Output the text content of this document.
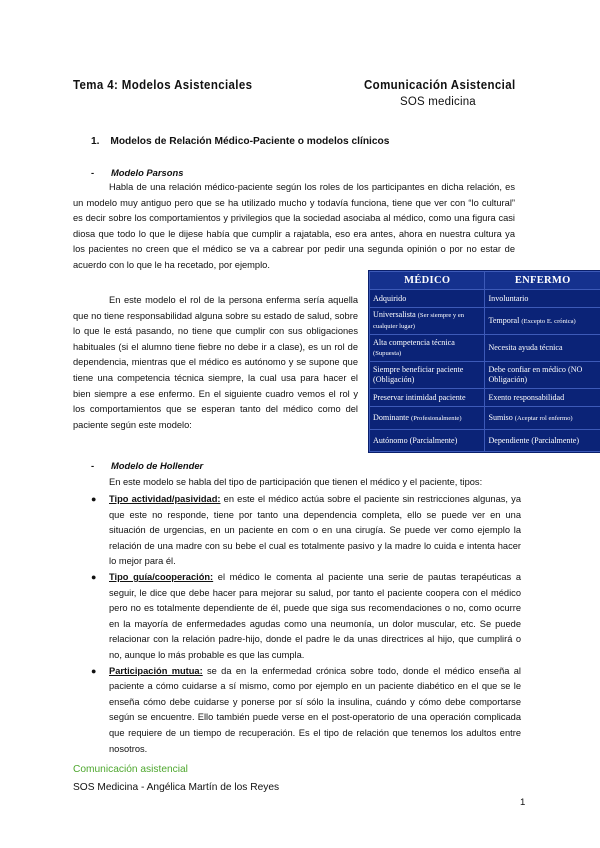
Tema 4: Modelos Asistenciales	Comunicación Asistencial
SOS medicina
1. Modelos de Relación Médico-Paciente o modelos clínicos
- Modelo Parsons
Habla de una relación médico-paciente según los roles de los participantes en dicha relación, es un modelo muy antiguo pero que se ha utilizado mucho y todavía funciona, tiene que ver con “lo cultural” es decir sobre los comportamientos y privilegios que la sociedad asociaba al médico, como una figura casi diosa que todo lo que le dijese había que cumplir a rajatabla, eso era antes, ahora en nuestra cultura ya los pacientes no creen que el médico se va a cabrear por pedir una segunda opinión o por no estar de acuerdo con lo que le ha recetado, por ejemplo.
En este modelo el rol de la persona enferma sería aquella que no tiene responsabilidad alguna sobre su estado de salud, sobre lo que le está pasando, no tiene que cumplir con sus obligaciones habituales (si el alumno tiene fiebre no debe ir a clase), es un rol de dependencia, mientras que el médico es autónomo y se supone que tiene una competencia técnica siempre, la cual usa para hacer el bien siempre a ese enfermo. En el siguiente cuadro vemos el rol y los comportamientos que se esperan tanto del médico como del paciente según este modelo:
MÉDICO	ENFERMO
Adquirido	Involuntario
Universalista (Ser siempre y en cualquier lugar)	Temporal (Excepto E. crónica)
Alta competencia técnica (Supuesta)	Necesita ayuda técnica
Siempre beneficiar paciente (Obligación)	Debe confiar en médico (NO Obligación)
Preservar intimidad paciente	Exento responsabilidad
Dominante (Profesionalmente)	Sumiso (Aceptar rol enfermo)
Autónomo (Parcialmente)	Dependiente (Parcialmente)
- Modelo de Hollender
En este modelo se habla del tipo de participación que tienen el médico y el paciente, tipos:
● Tipo actividad/pasividad: en este el médico actúa sobre el paciente sin restricciones algunas, ya que este no responde, tiene por tanto una dependencia completa, ello se puede ver en una situación de urgencias, en un paciente en com o en una cirugía. Se puede ver como ejemplo la relación de una madre con su bebe el cual es totalmente pasivo y la madre lo cuida e intenta hacer lo mejor para él.
● Tipo guía/cooperación: el médico le comenta al paciente una serie de pautas terapéuticas a seguir, le dice que debe hacer para mejorar su salud, por tanto el paciente coopera con el médico pero no es totalmente dependiente de él, puede que siga sus recomendaciones o no, como ocurre en la mayoría de enfermedades agudas como una neumonía, un dolor muscular, etc. Se puede relacionar con la relación padre-hijo, donde el padre le da unas directrices al hijo, que cumplirá o no, aunque lo más probable es que las cumpla.
● Participación mutua: se da en la enfermedad crónica sobre todo, donde el médico enseña al paciente a cómo cuidarse a sí mismo, como por ejemplo en un paciente diabético en el que se le enseña cómo debe cuidarse y ponerse por sí sólo la insulina, cuándo y cómo debe comportarse según se encuentre. Ello también puede verse en el post-operatorio de una operación complicada que requiere de un tiempo de recuperación. Es el tipo de relación que tenemos los adultos entre nosotros.
Comunicación asistencial
SOS Medicina - Angélica Martín de los Reyes
1
